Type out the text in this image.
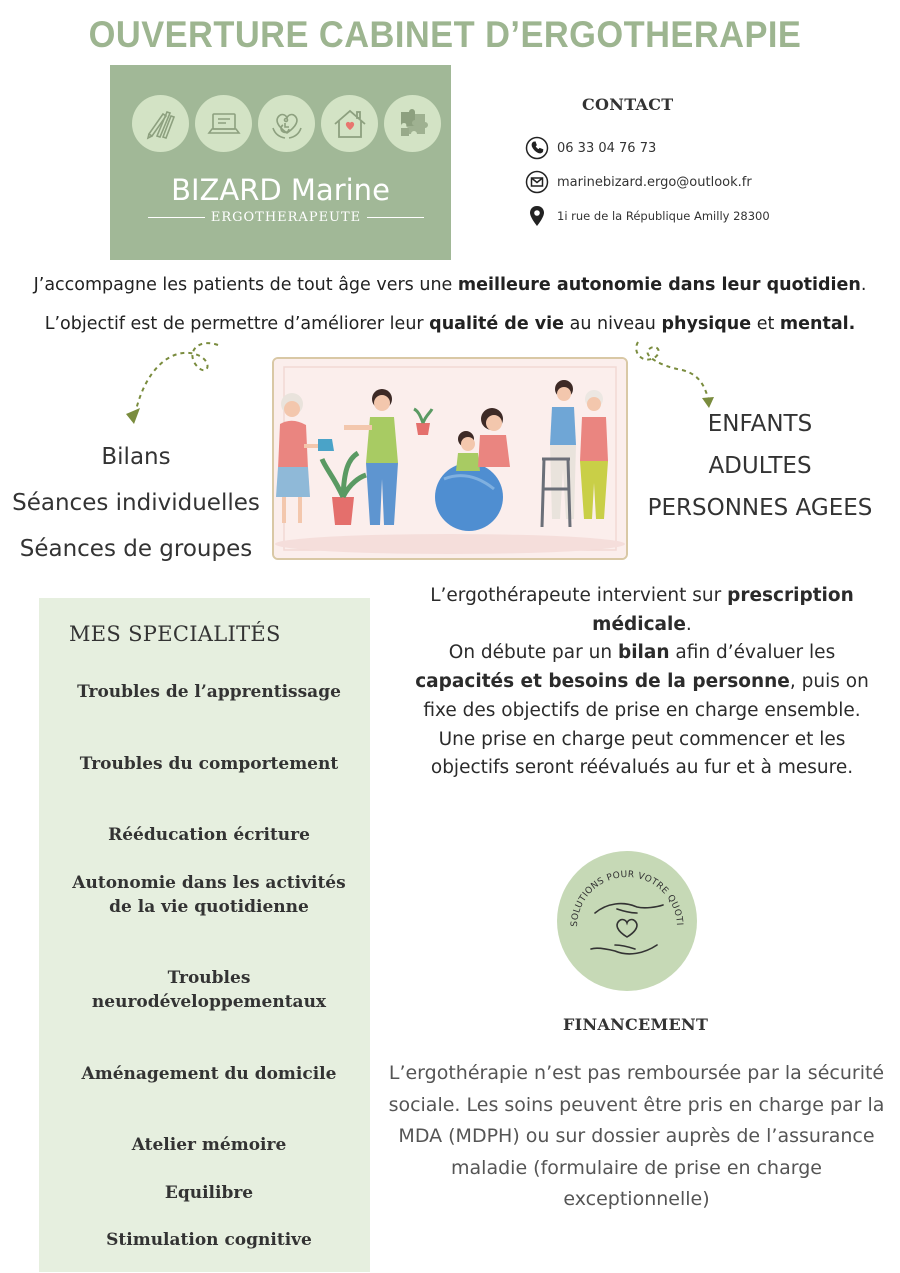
OUVERTURE CABINET D’ERGOTHERAPIE
BIZARD Marine
ERGOTHERAPEUTE
CONTACT
06 33 04 76 73
marinebizard.ergo@outlook.fr
1i rue de la République Amilly 28300
J’accompagne les patients de tout âge vers une meilleure autonomie dans leur quotidien.
L’objectif est de permettre d’améliorer leur qualité de vie au niveau physique et mental.
Bilans
Séances individuelles
Séances de groupes
ENFANTS
ADULTES
PERSONNES AGEES
MES SPECIALITÉS
Troubles de l’apprentissage
Troubles du comportement
Rééducation écriture
Autonomie dans les activités de la vie quotidienne
Troubles neurodéveloppementaux
Aménagement du domicile
Atelier mémoire
Equilibre
Stimulation cognitive
L’ergothérapeute intervient sur prescription médicale.
On débute par un bilan afin d’évaluer les capacités et besoins de la personne, puis on fixe des objectifs de prise en charge ensemble.
Une prise en charge peut commencer et les objectifs seront réévalués au fur et à mesure.
SOLUTIONS POUR VOTRE QUOTI
FINANCEMENT
L’ergothérapie n’est pas remboursée par la sécurité sociale. Les soins peuvent être pris en charge par la MDA (MDPH) ou sur dossier auprès de l’assurance maladie (formulaire de prise en charge exceptionnelle)
